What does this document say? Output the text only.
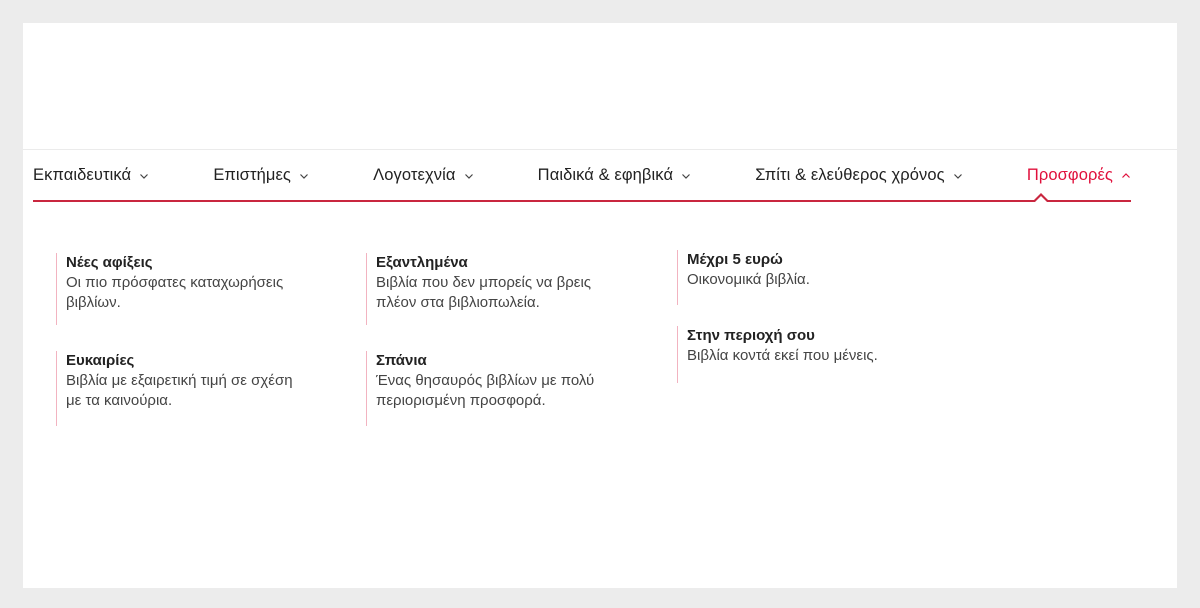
Εκπαιδευτικά	Επιστήμες	Λογοτεχνία	Παιδικά & εφηβικά	Σπίτι & ελεύθερος χρόνος	Προσφορές
Νέες αφίξεις
Οι πιο πρόσφατες καταχωρήσεις
βιβλίων.
Ευκαιρίες
Βιβλία με εξαιρετική τιμή σε σχέση
με τα καινούρια.
Εξαντλημένα
Βιβλία που δεν μπορείς να βρεις
πλέον στα βιβλιοπωλεία.
Σπάνια
Ένας θησαυρός βιβλίων με πολύ
περιορισμένη προσφορά.
Μέχρι 5 ευρώ
Οικονομικά βιβλία.
Στην περιοχή σου
Βιβλία κοντά εκεί που μένεις.
